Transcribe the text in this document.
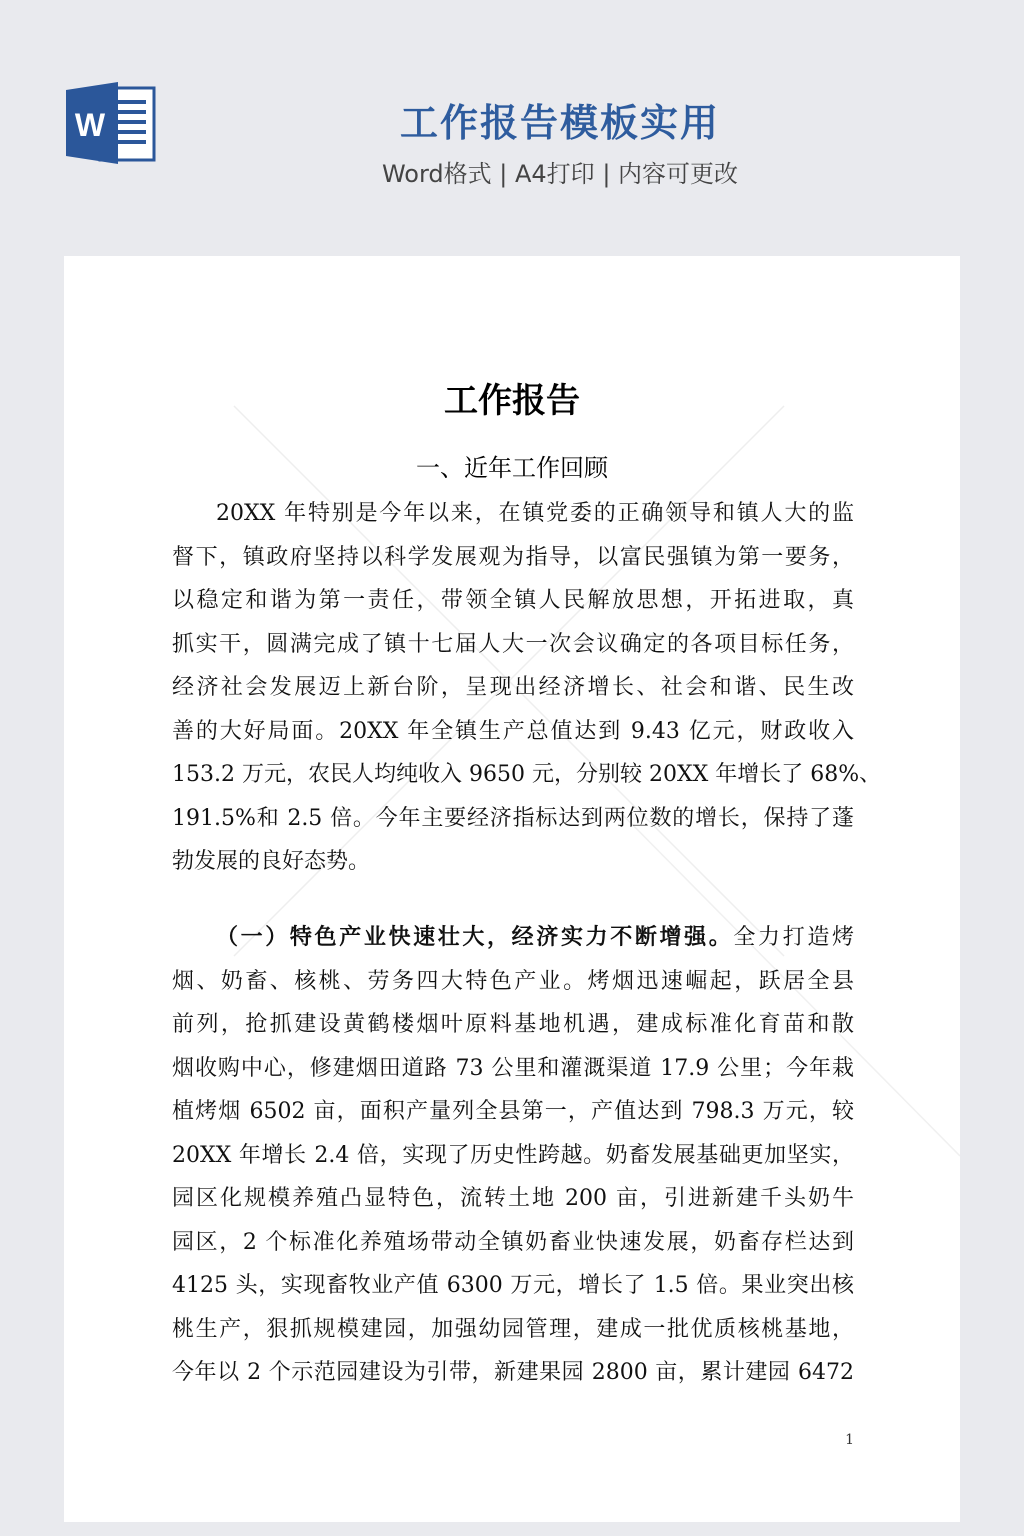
W	工作报告模板实用
Word格式 | A4打印 | 内容可更改
工作报告
一、近年工作回顾
20XX 年特别是今年以来，在镇党委的正确领导和镇人大的监
督下，镇政府坚持以科学发展观为指导，以富民强镇为第一要务，
以稳定和谐为第一责任，带领全镇人民解放思想，开拓进取，真
抓实干，圆满完成了镇十七届人大一次会议确定的各项目标任务，
经济社会发展迈上新台阶，呈现出经济增长、社会和谐、民生改
善的大好局面。20XX 年全镇生产总值达到 9.43 亿元，财政收入
153.2 万元，农民人均纯收入 9650 元，分别较 20XX 年增长了 68%、
191.5%和 2.5 倍。今年主要经济指标达到两位数的增长，保持了蓬
勃发展的良好态势。
（一）特色产业快速壮大，经济实力不断增强。全力打造烤
烟、奶畜、核桃、劳务四大特色产业。烤烟迅速崛起，跃居全县
前列，抢抓建设黄鹤楼烟叶原料基地机遇，建成标准化育苗和散
烟收购中心，修建烟田道路 73 公里和灌溉渠道 17.9 公里；今年栽
植烤烟 6502 亩，面积产量列全县第一，产值达到 798.3 万元，较
20XX 年增长 2.4 倍，实现了历史性跨越。奶畜发展基础更加坚实，
园区化规模养殖凸显特色，流转土地 200 亩，引进新建千头奶牛
园区，2 个标准化养殖场带动全镇奶畜业快速发展，奶畜存栏达到
4125 头，实现畜牧业产值 6300 万元，增长了 1.5 倍。果业突出核
桃生产，狠抓规模建园，加强幼园管理，建成一批优质核桃基地，
今年以 2 个示范园建设为引带，新建果园 2800 亩，累计建园 6472
1
